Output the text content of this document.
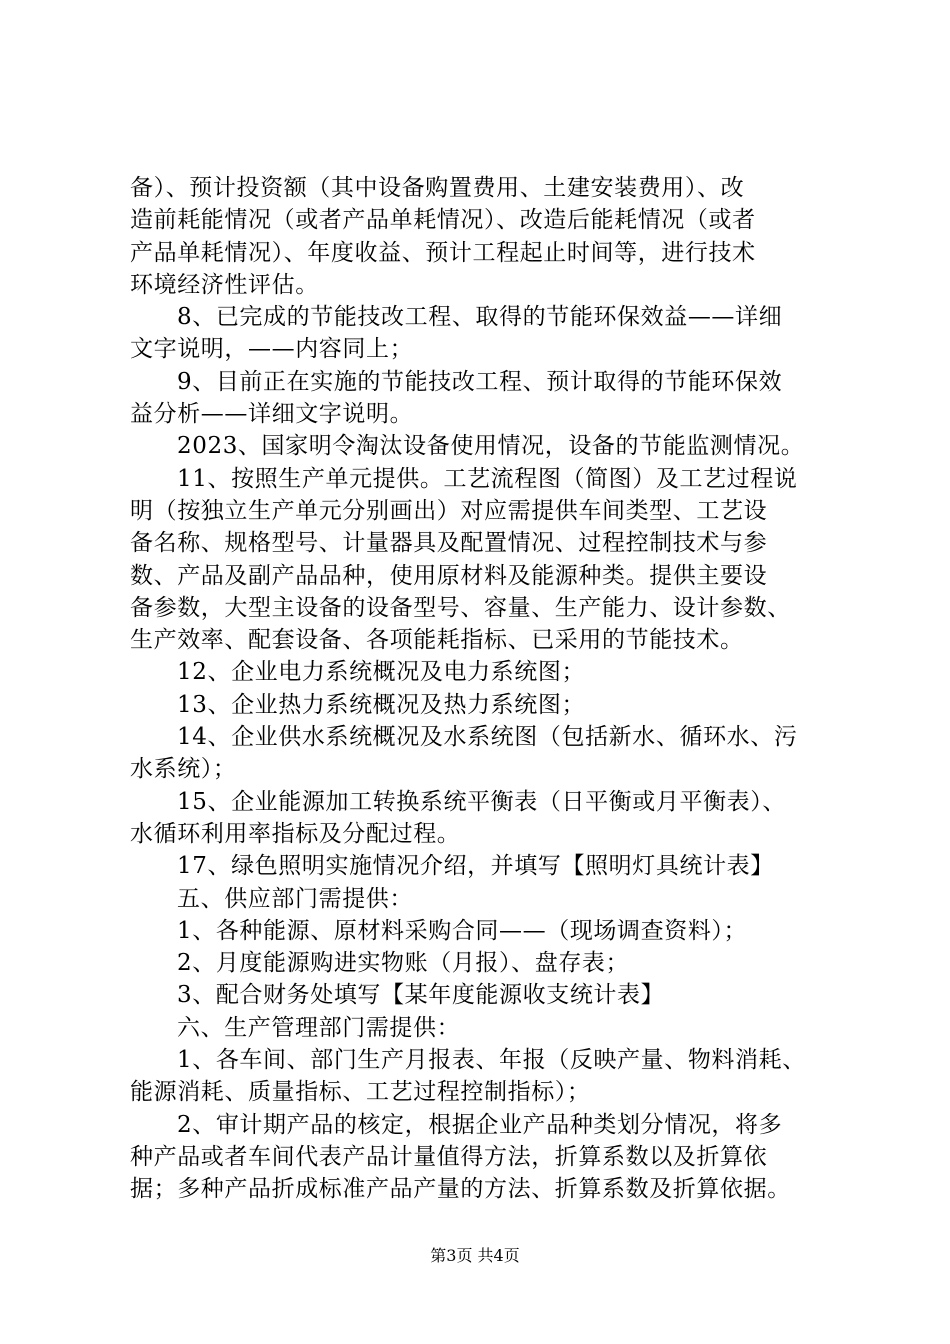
备）、预计投资额（其中设备购置费用、土建安装费用）、改
造前耗能情况（或者产品单耗情况）、改造后能耗情况（或者
产品单耗情况）、年度收益、预计工程起止时间等，进行技术
环境经济性评估。
8、已完成的节能技改工程、取得的节能环保效益——详细
文字说明，——内容同上；
9、目前正在实施的节能技改工程、预计取得的节能环保效
益分析——详细文字说明。
2023、国家明令淘汰设备使用情况，设备的节能监测情况。
11、按照生产单元提供。工艺流程图（简图）及工艺过程说
明（按独立生产单元分别画出）对应需提供车间类型、工艺设
备名称、规格型号、计量器具及配置情况、过程控制技术与参
数、产品及副产品品种，使用原材料及能源种类。提供主要设
备参数，大型主设备的设备型号、容量、生产能力、设计参数、
生产效率、配套设备、各项能耗指标、已采用的节能技术。
12、企业电力系统概况及电力系统图；
13、企业热力系统概况及热力系统图；
14、企业供水系统概况及水系统图（包括新水、循环水、污
水系统）；
15、企业能源加工转换系统平衡表（日平衡或月平衡表）、
水循环利用率指标及分配过程。
17、绿色照明实施情况介绍，并填写【照明灯具统计表】
五、供应部门需提供：
1、各种能源、原材料采购合同——（现场调查资料）；
2、月度能源购进实物账（月报）、盘存表；
3、配合财务处填写【某年度能源收支统计表】
六、生产管理部门需提供：
1、各车间、部门生产月报表、年报（反映产量、物料消耗、
能源消耗、质量指标、工艺过程控制指标）；
2、审计期产品的核定，根据企业产品种类划分情况，将多
种产品或者车间代表产品计量值得方法，折算系数以及折算依
据；多种产品折成标准产品产量的方法、折算系数及折算依据。
第3页 共4页
